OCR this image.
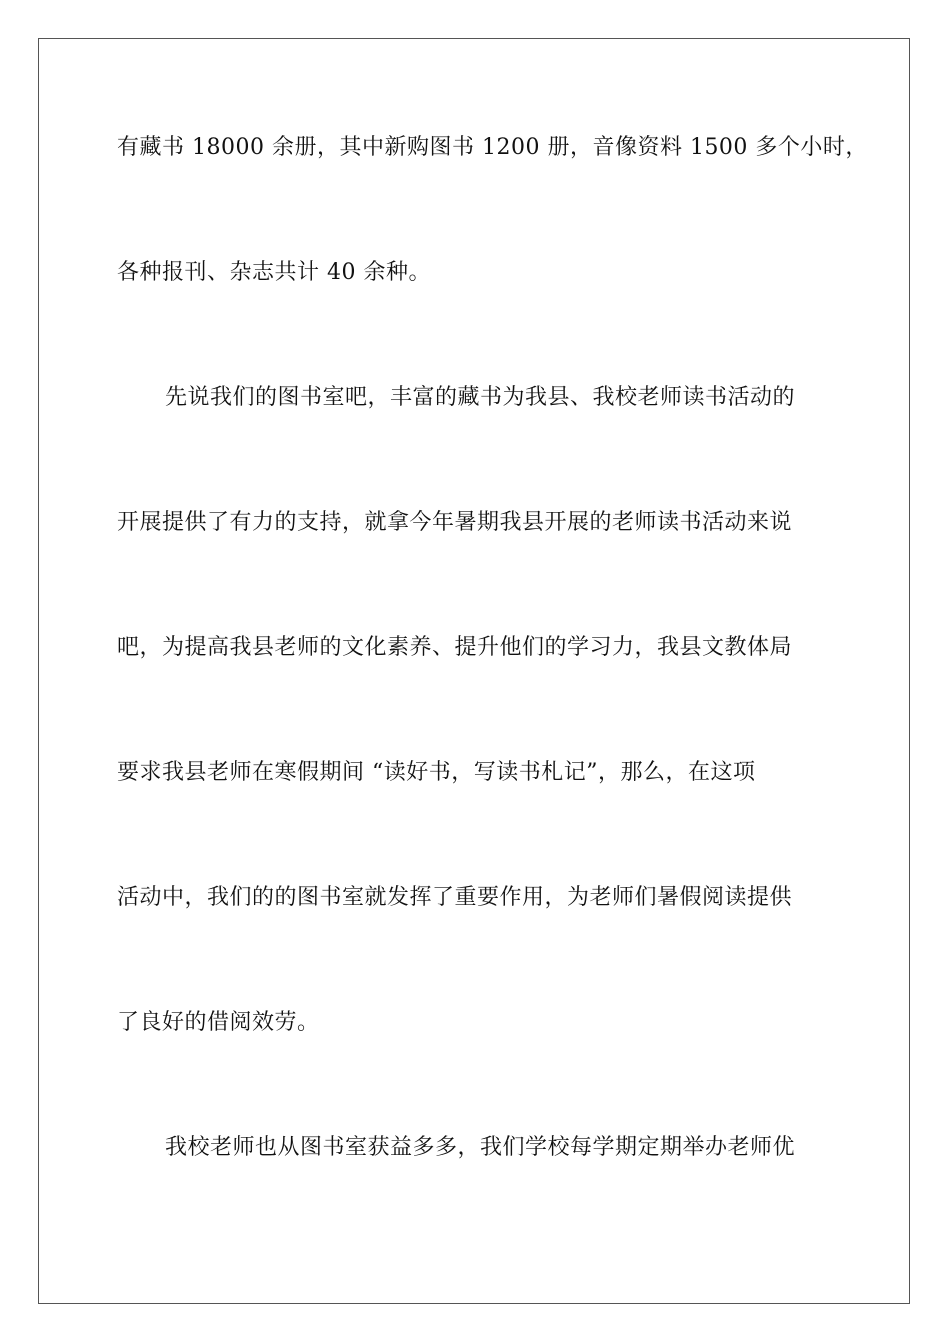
有藏书 18000 余册，其中新购图书 1200 册，音像资料 1500 多个小时，
各种报刊、杂志共计 40 余种。
先说我们的图书室吧，丰富的藏书为我县、我校老师读书活动的
开展提供了有力的支持，就拿今年暑期我县开展的老师读书活动来说
吧，为提高我县老师的文化素养、提升他们的学习力，我县文教体局
要求我县老师在寒假期间 “读好书，写读书札记”，那么，在这项
活动中，我们的的图书室就发挥了重要作用，为老师们暑假阅读提供
了良好的借阅效劳。
我校老师也从图书室获益多多，我们学校每学期定期举办老师优
